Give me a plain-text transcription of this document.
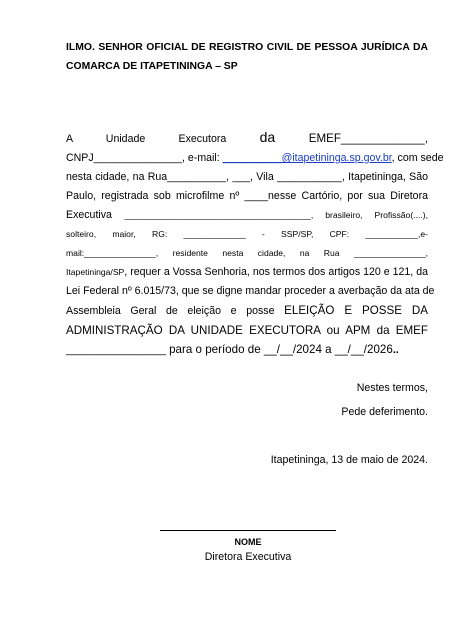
ILMO. SENHOR OFICIAL DE REGISTRO CIVIL DE PESSOA JURÍDICA DA
COMARCA DE ITAPETININGA – SP
A Unidade Executora da EMEF_____________,
CNPJ_______________, e-mail: __________@itapetininga.sp.gov.br, com sede
nesta cidade, na Rua__________, ___, Vila ___________, Itapetininga, São
Paulo, registrada sob microfilme nº ____nesse Cartório, por sua Diretora
Executiva _______________________________________, brasileiro, Profissão(....),
solteiro, maior, RG: _____________ - SSP/SP, CPF: ___________,e-
mail:_______________, residente nesta cidade, na Rua _______________,
Itapetininga/SP, requer a Vossa Senhoria, nos termos dos artigos 120 e 121, da
Lei Federal nº 6.015/73, que se digne mandar proceder a averbação da ata de
Assembleia Geral de eleição e posse ELEIÇÃO E POSSE DA
ADMINISTRAÇÃO DA UNIDADE EXECUTORA ou APM da EMEF
_________________ para o período de __/__/2024 a __/__/2026..
Nestes termos,
Pede deferimento.
Itapetininga, 13 de maio de 2024.
NOME
Diretora Executiva
